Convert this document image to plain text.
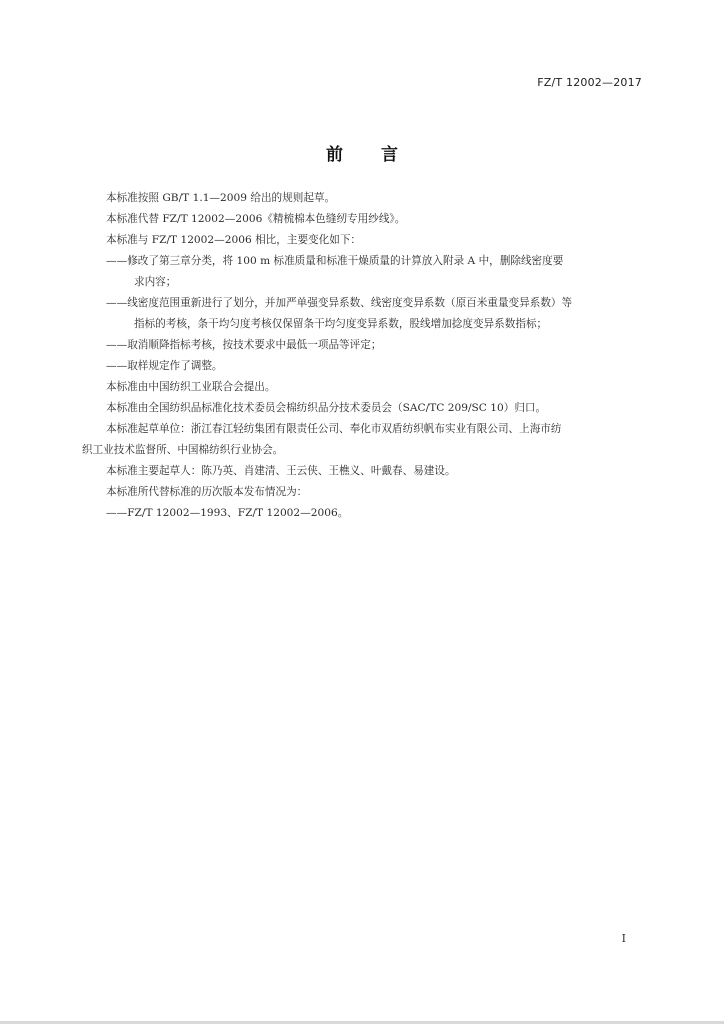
FZ/T 12002—2017
前 言
本标准按照 GB/T 1.1—2009 给出的规则起草。
本标准代替 FZ/T 12002—2006《精梳棉本色缝纫专用纱线》。
本标准与 FZ/T 12002—2006 相比，主要变化如下：
——修改了第三章分类，将 100 m 标准质量和标准干燥质量的计算放入附录 A 中，删除线密度要
求内容；
——线密度范围重新进行了划分，并加严单强变异系数、线密度变异系数（原百米重量变异系数）等
指标的考核，条干均匀度考核仅保留条干均匀度变异系数，股线增加捻度变异系数指标；
——取消顺降指标考核，按技术要求中最低一项品等评定；
——取样规定作了调整。
本标准由中国纺织工业联合会提出。
本标准由全国纺织品标准化技术委员会棉纺织品分技术委员会（SAC/TC 209/SC 10）归口。
本标准起草单位：浙江春江轻纺集团有限责任公司、奉化市双盾纺织帆布实业有限公司、上海市纺
织工业技术监督所、中国棉纺织行业协会。
本标准主要起草人：陈乃英、肖建清、王云侠、王樵义、叶戴春、易建设。
本标准所代替标准的历次版本发布情况为：
——FZ/T 12002—1993、FZ/T 12002—2006。
I
